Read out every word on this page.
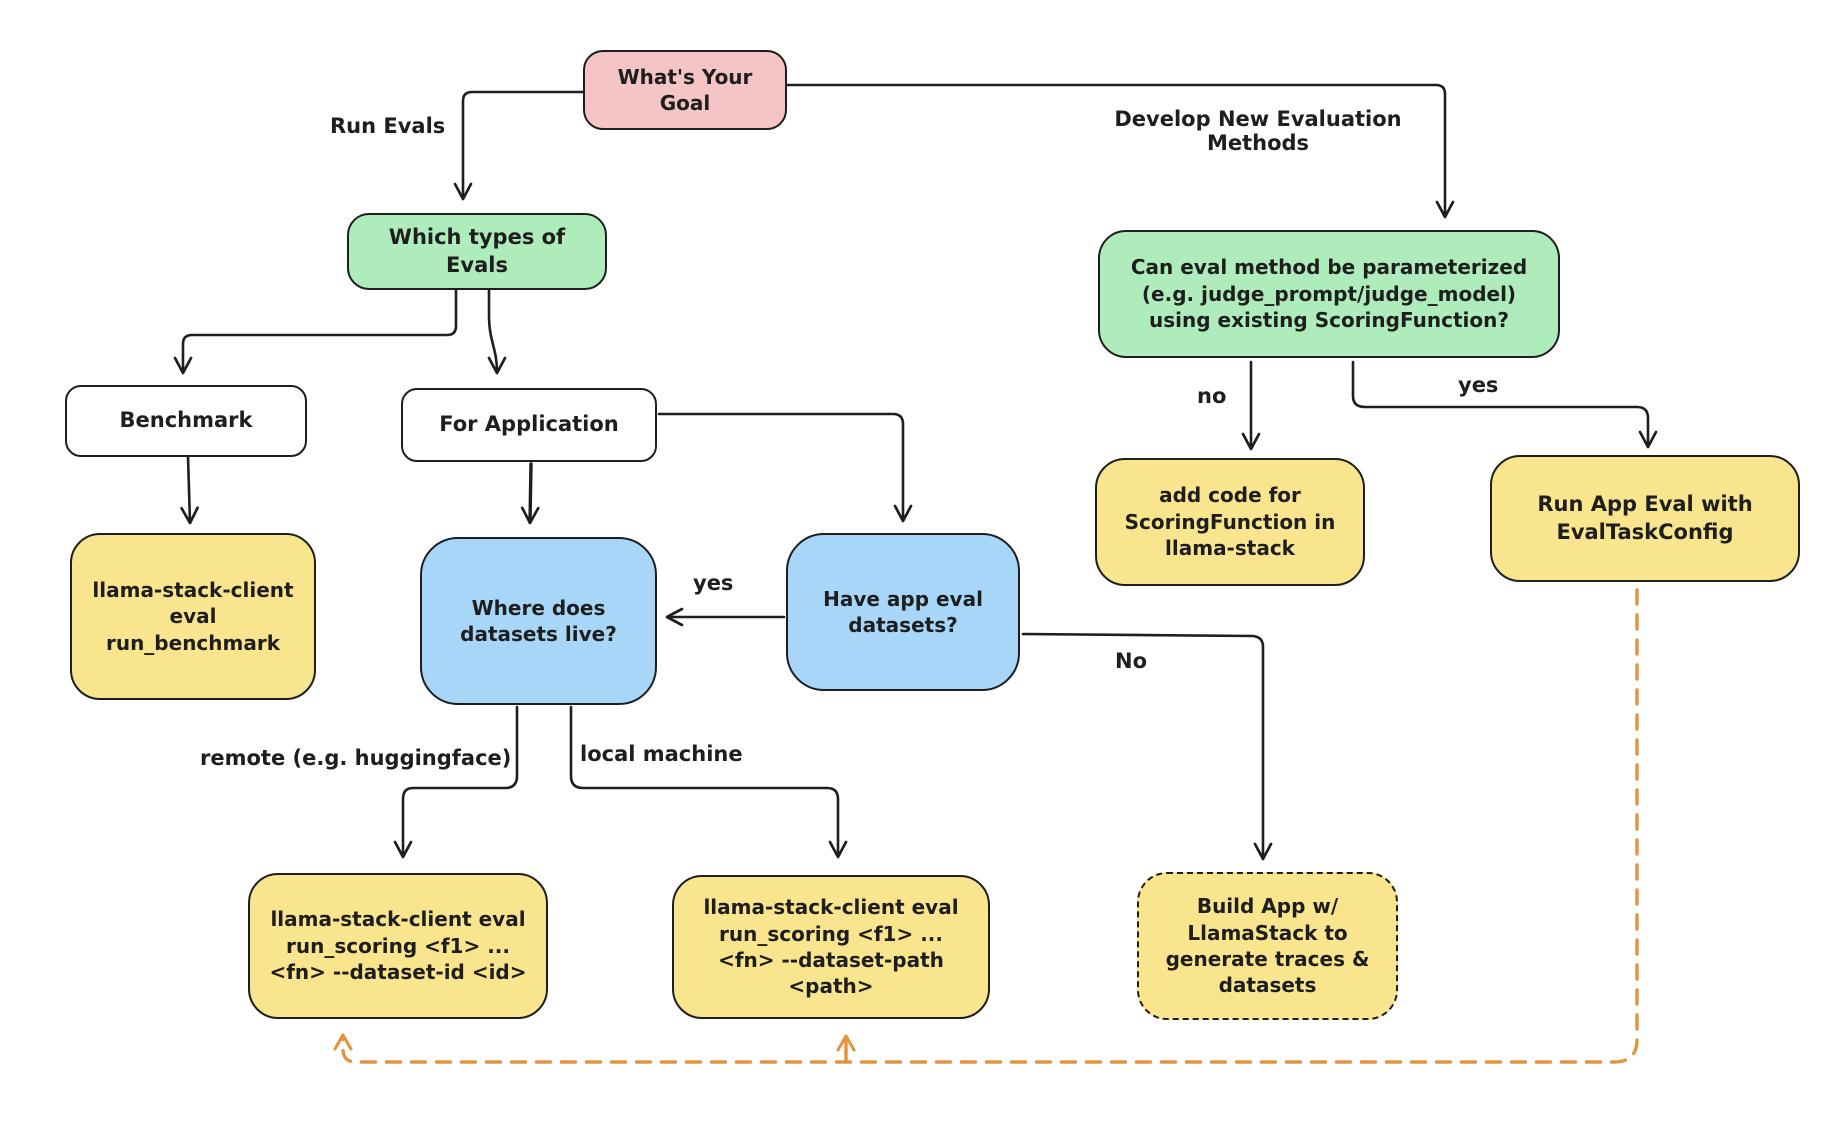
What's Your Goal
Which types of Evals
Benchmark	For Application
llama-stack-client eval run_benchmark
Where does datasets live?
Have app eval datasets?
Can eval method be parameterized (e.g. judge_prompt/judge_model) using existing ScoringFunction?
add code for ScoringFunction in llama-stack
Run App Eval with EvalTaskConfig
llama-stack-client eval run_scoring <f1> ... <fn> --dataset-id <id>
llama-stack-client eval run_scoring <f1> ... <fn> --dataset-path <path>
Build App w/ LlamaStack to generate traces & datasets
Run Evals	Develop New Evaluation Methods
no	yes
yes
No
remote (e.g. huggingface)	local machine
